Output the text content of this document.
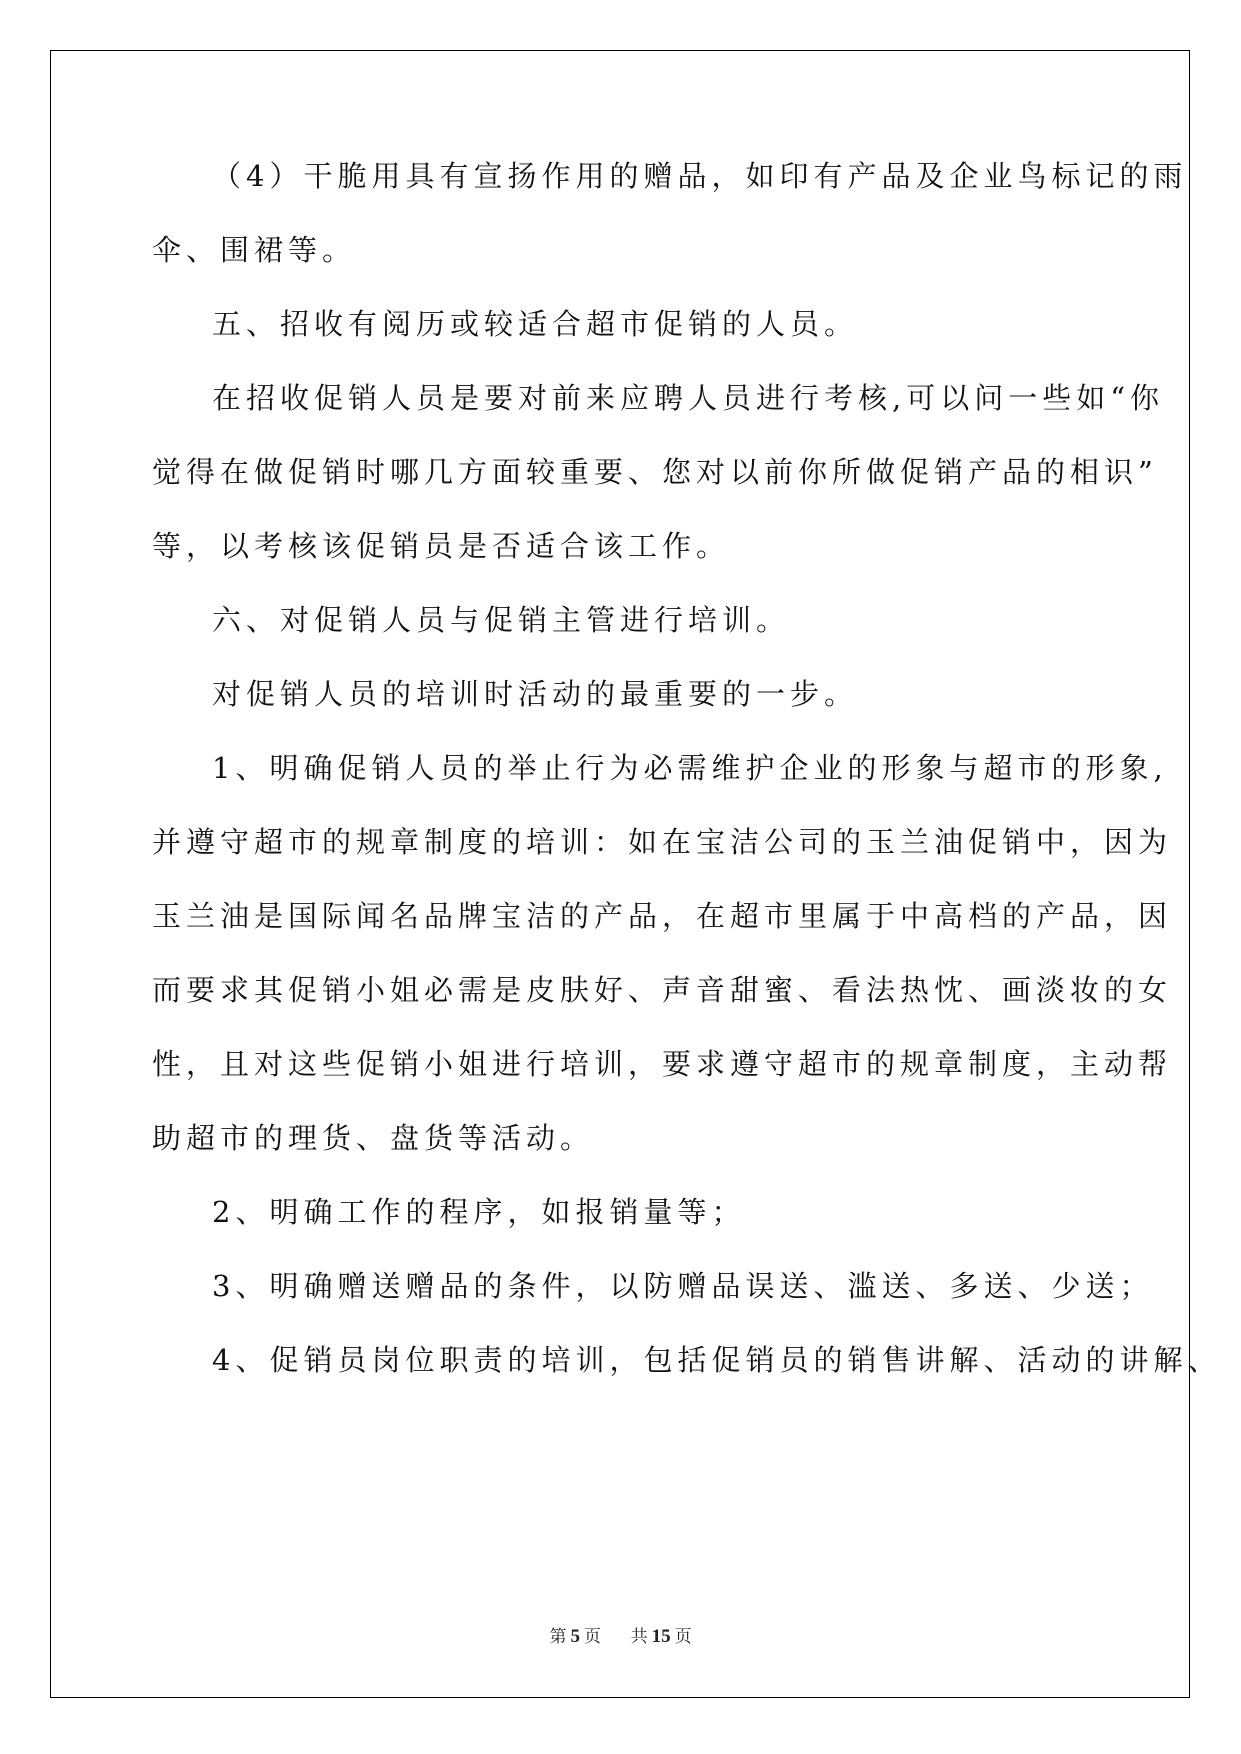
（4）干脆用具有宣扬作用的赠品，如印有产品及企业鸟标记的雨
伞、围裙等。
五、招收有阅历或较适合超市促销的人员。
在招收促销人员是要对前来应聘人员进行考核,可以问一些如“你
觉得在做促销时哪几方面较重要、您对以前你所做促销产品的相识”
等，以考核该促销员是否适合该工作。
六、对促销人员与促销主管进行培训。
对促销人员的培训时活动的最重要的一步。
1、明确促销人员的举止行为必需维护企业的形象与超市的形象,
并遵守超市的规章制度的培训：如在宝洁公司的玉兰油促销中，因为
玉兰油是国际闻名品牌宝洁的产品，在超市里属于中高档的产品，因
而要求其促销小姐必需是皮肤好、声音甜蜜、看法热忱、画淡妆的女
性，且对这些促销小姐进行培训，要求遵守超市的规章制度，主动帮
助超市的理货、盘货等活动。
2、明确工作的程序，如报销量等；
3、明确赠送赠品的条件，以防赠品误送、滥送、多送、少送；
4、促销员岗位职责的培训，包括促销员的销售讲解、活动的讲解、
第 5 页 共 15 页
